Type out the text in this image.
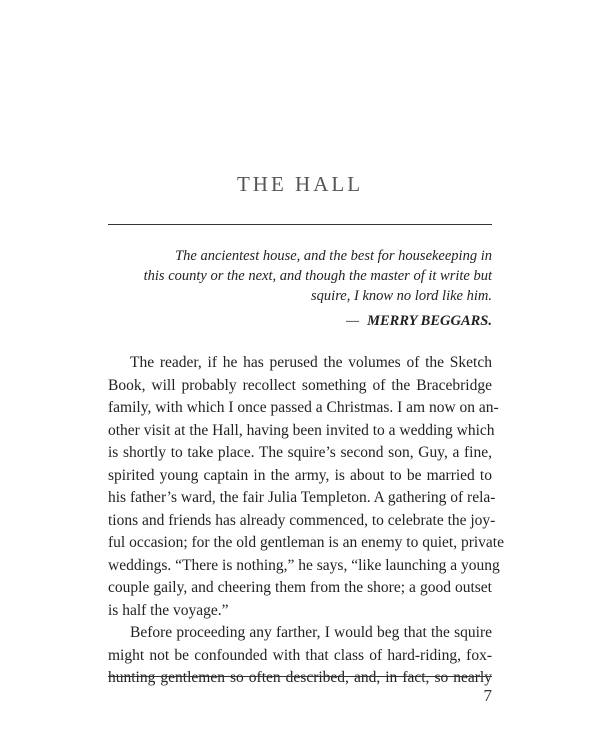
THE HALL
The ancientest house, and the best for housekeeping in
this county or the next, and though the master of it write but
squire, I know no lord like him.
— MERRY BEGGARS.
The reader, if he has perused the volumes of the Sketch
Book, will probably recollect something of the Bracebridge
family, with which I once passed a Christmas. I am now on an-
other visit at the Hall, having been invited to a wedding which
is shortly to take place. The squire’s second son, Guy, a fine,
spirited young captain in the army, is about to be married to
his father’s ward, the fair Julia Templeton. A gathering of rela-
tions and friends has already commenced, to celebrate the joy-
ful occasion; for the old gentleman is an enemy to quiet, private
weddings. “There is nothing,” he says, “like launching a young
couple gaily, and cheering them from the shore; a good outset
is half the voyage.”
Before proceeding any farther, I would beg that the squire
might not be confounded with that class of hard-riding, fox-
hunting gentlemen so often described, and, in fact, so nearly
7
